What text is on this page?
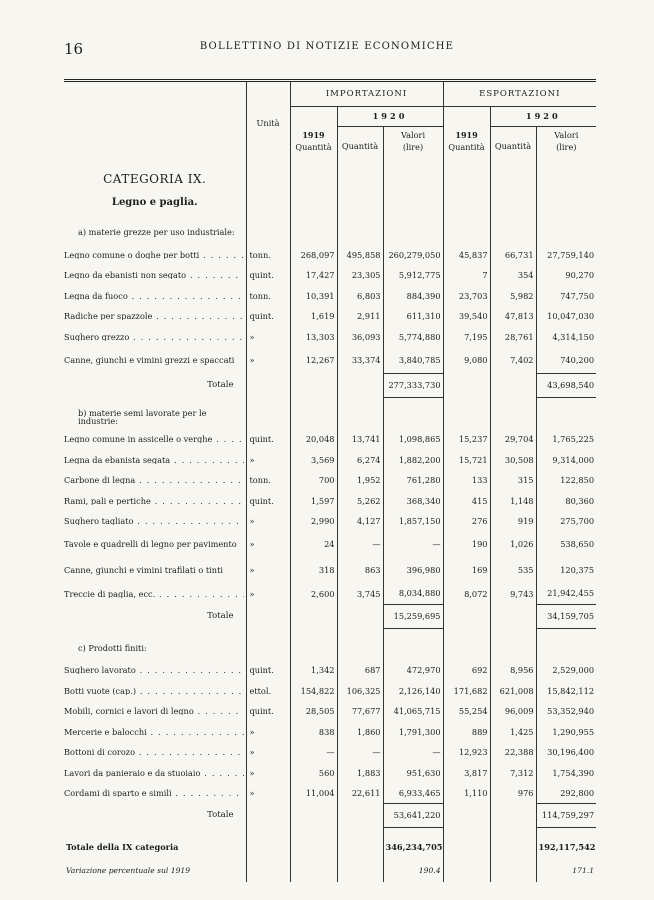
16	BOLLETTINO DI NOTIZIE ECONOMICHE
	Unità	IMPORTAZIONI			ESPORTAZIONI		
			1920			1920	
		1919	Quantità	Valori	1919	Quantità	Valori
		Quantità		(lire)	Quantità		(lire)
CATEGORIA IX.							
Legno e paglia.							

a) materie grezze per uso industriale:							

Legno comune o doghe per botti . . .	tonn.	268,097	495,858	260,279,050	45,837	66,731	27,759,140

Legno da ebanisti non segato . . .	quint.	17,427	23,305	5,912,775	7	354	90,270

Legna da fuoco . . .	tonn.	10,391	6,803	884,390	23,703	5,982	747,750

Radiche per spazzole . . .	quint.	1,619	2,911	611,310	39,540	47,813	10,047,030

Sughero grezzo . . .	»	13,303	36,093	5,774,880	7,195	28,761	4,314,150
Canne, giunchi e vimini grezzi e spaccati	»	12,267	33,374	3,840,785	9,080	7,402	740,200
Totale				277,333,730			43,698,540

b) materie semi lavorate per le industrie:							

Legno comune in assicelle o verghe . . .	quint.	20,048	13,741	1,098,865	15,237	29,704	1,765,225

Legna da ebanista segata . . .	»	3,569	6,274	1,882,200	15,721	30,508	9,314,000

Carbone di legna . . .	tonn.	700	1,952	761,280	133	315	122,850

Rami, pali e pertiche . . .	quint.	1,597	5,262	368,340	415	1,148	80,360

Sughero tagliato . . .	»	2,990	4,127	1,857,150	276	919	275,700
Tavole e quadrelli di legno per pavimento	»	24	—	—	190	1,026	538,650
Canne, giunchi e vimini trafilati o tinti	»	318	863	396,980	169	535	120,375

Treccie di paglia, ecc. . . .	»	2,600	3,745	8,034,880	8,072	9,743	21,942,455
Totale				15,259,695			34,159,705

c) Prodotti finiti:							

Sughero lavorato . . .	quint.	1,342	687	472,970	692	8,956	2,529,000

Botti vuote (cap.) . . .	ettol.	154,822	106,325	2,126,140	171,682	621,008	15,842,112

Mobili, cornici e lavori di legno . . .	quint.	28,505	77,677	41,065,715	55,254	96,009	53,352,940

Mercerie e balocchi . . .	»	838	1,860	1,791,300	889	1,425	1,290,955

Bottoni di corozo . . .	»	—	—	—	12,923	22,388	30,196,400

Lavori da panieraio e da stuoiaio . . .	»	560	1,883	951,630	3,817	7,312	1,754,390

Cordami di sparto e simili . . .	»	11,004	22,611	6,933,465	1,110	976	292,800
Totale				53,641,220			114,759,297

Totale della IX categoria				346,234,705			192,117,542
Variazione percentuale sul 1919				190.4			171.1
